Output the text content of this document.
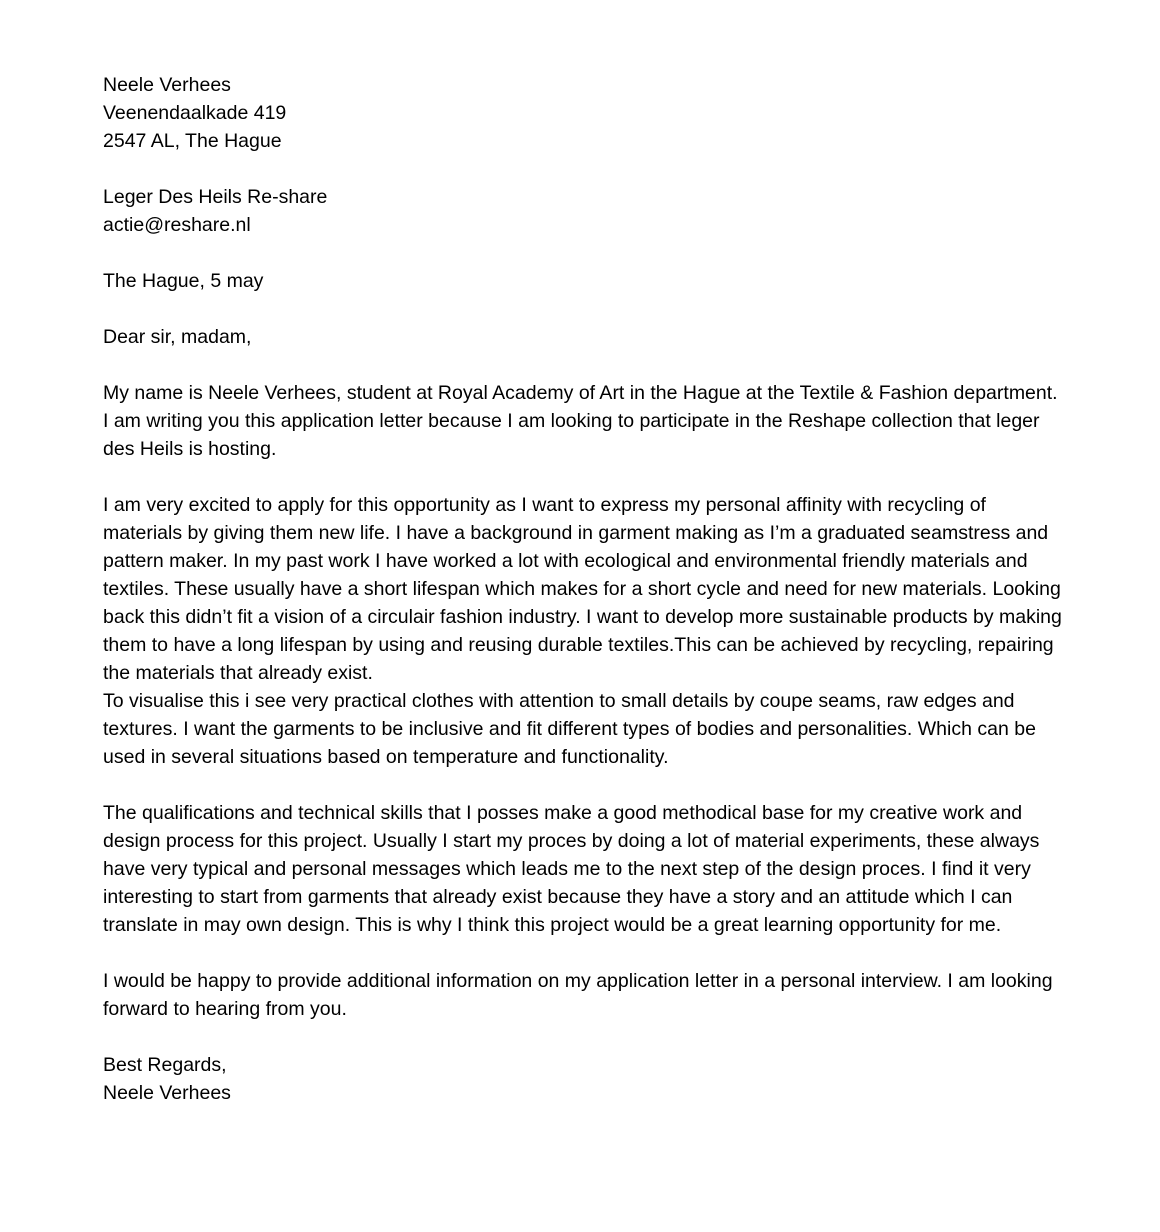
Neele Verhees
Veenendaalkade 419
2547 AL, The Hague
Leger Des Heils Re-share
actie@reshare.nl
The Hague, 5 may
Dear sir, madam,
My name is Neele Verhees, student at Royal Academy of Art in the Hague at the Textile & Fashion department. I am writing you this application letter because I am looking to participate in the Reshape collection that leger des Heils is hosting.
I am very excited to apply for this opportunity as I want to express my personal affinity with recycling of materials by giving them new life. I have a background in garment making as I’m a graduated seamstress and pattern maker. In my past work I have worked a lot with ecological and environmental friendly materials and textiles. These usually have a short lifespan which makes for a short cycle and need for new materials. Looking back this didn’t fit a vision of a circulair fashion industry. I want to develop more sustainable products by making them to have a long lifespan by using and reusing durable textiles.This can be achieved by recycling, repairing the materials that already exist.
To visualise this i see very practical clothes with attention to small details by coupe seams, raw edges and textures. I want the garments to be inclusive and fit different types of bodies and personalities. Which can be used in several situations based on temperature and functionality.
The qualifications and technical skills that I posses make a good methodical base for my creative work and design process for this project. Usually I start my proces by doing a lot of material experiments, these always have very typical and personal messages which leads me to the next step of the design proces. I find it very interesting to start from garments that already exist because they have a story and an attitude which I can translate in may own design. This is why I think this project would be a great learning opportunity for me.
I would be happy to provide additional information on my application letter in a personal interview. I am looking forward to hearing from you.
Best Regards,
Neele Verhees
